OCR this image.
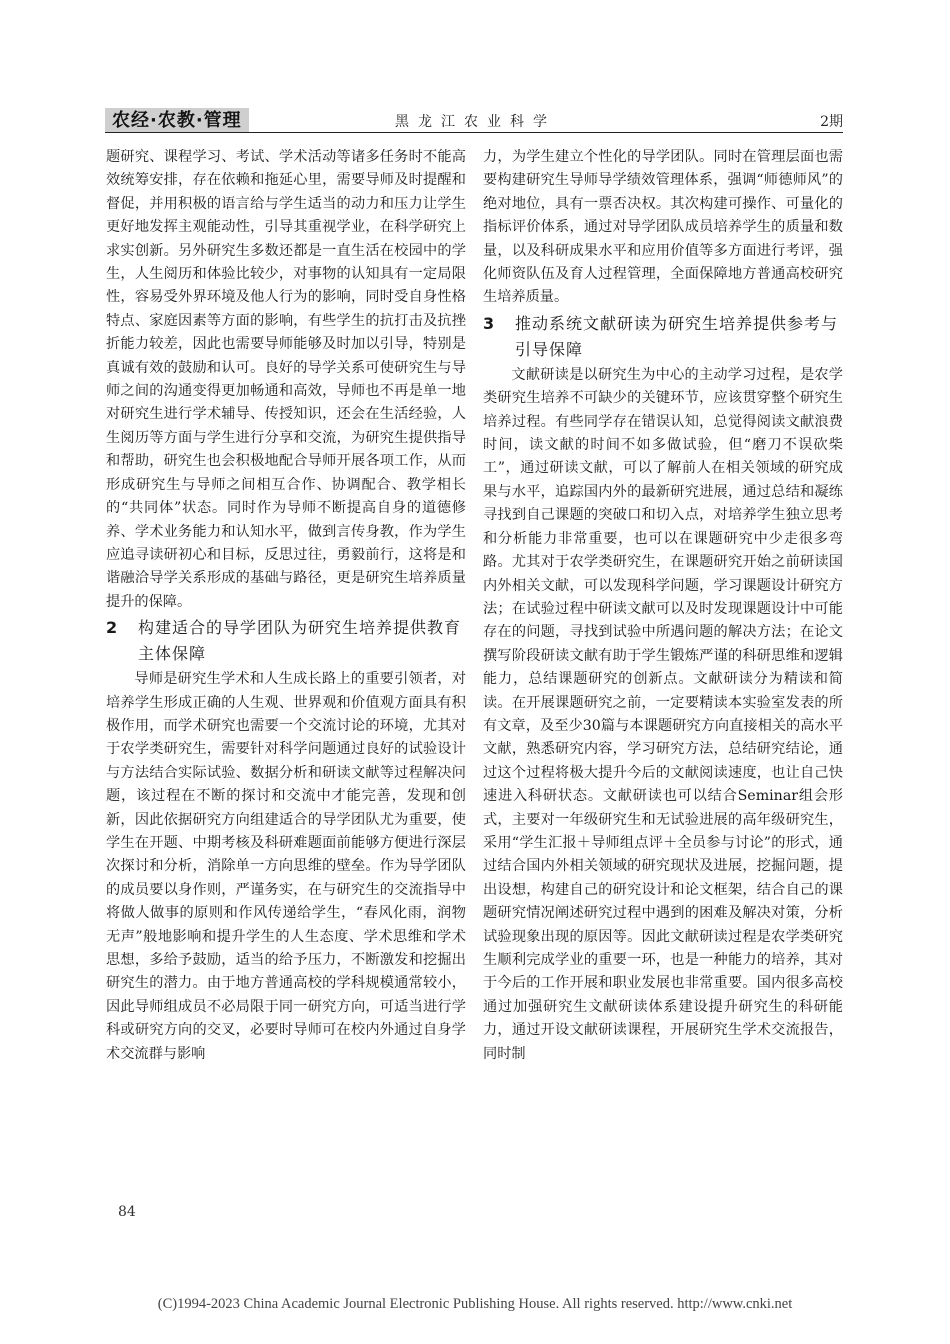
农经·农教·管理	黑龙江农业科学	2期

题研究、课程学习、考试、学术活动等诸多任务时不能高效统筹安排，存在依赖和拖延心里，需要导师及时提醒和督促，并用积极的语言给与学生适当的动力和压力让学生更好地发挥主观能动性，引导其重视学业，在科学研究上求实创新。另外研究生多数还都是一直生活在校园中的学生，人生阅历和体验比较少，对事物的认知具有一定局限性，容易受外界环境及他人行为的影响，同时受自身性格特点、家庭因素等方面的影响，有些学生的抗打击及抗挫折能力较差，因此也需要导师能够及时加以引导，特别是真诚有效的鼓励和认可。良好的导学关系可使研究生与导师之间的沟通变得更加畅通和高效，导师也不再是单一地对研究生进行学术辅导、传授知识，还会在生活经验，人生阅历等方面与学生进行分享和交流，为研究生提供指导和帮助，研究生也会积极地配合导师开展各项工作，从而形成研究生与导师之间相互合作、协调配合、教学相长的“共同体”状态。同时作为导师不断提高自身的道德修养、学术业务能力和认知水平，做到言传身教，作为学生应追寻读研初心和目标，反思过往，勇毅前行，这将是和谐融洽导学关系形成的基础与路径，更是研究生培养质量提升的保障。

2	构建适合的导学团队为研究生培养提供教育主体保障

导师是研究生学术和人生成长路上的重要引领者，对培养学生形成正确的人生观、世界观和价值观方面具有积极作用，而学术研究也需要一个交流讨论的环境，尤其对于农学类研究生，需要针对科学问题通过良好的试验设计与方法结合实际试验、数据分析和研读文献等过程解决问题，该过程在不断的探讨和交流中才能完善，发现和创新，因此依据研究方向组建适合的导学团队尤为重要，使学生在开题、中期考核及科研难题面前能够方便进行深层次探讨和分析，消除单一方向思维的壁垒。作为导学团队的成员要以身作则，严谨务实，在与研究生的交流指导中将做人做事的原则和作风传递给学生，“春风化雨，润物无声”般地影响和提升学生的人生态度、学术思维和学术思想，多给予鼓励，适当的给予压力，不断激发和挖掘出研究生的潜力。由于地方普通高校的学科规模通常较小，因此导师组成员不必局限于同一研究方向，可适当进行学科或研究方向的交叉，必要时导师可在校内外通过自身学术交流群与影响

力，为学生建立个性化的导学团队。同时在管理层面也需要构建研究生导师导学绩效管理体系，强调“师德师风”的绝对地位，具有一票否决权。其次构建可操作、可量化的指标评价体系，通过对导学团队成员培养学生的质量和数量，以及科研成果水平和应用价值等多方面进行考评，强化师资队伍及育人过程管理，全面保障地方普通高校研究生培养质量。

3	推动系统文献研读为研究生培养提供参考与引导保障

文献研读是以研究生为中心的主动学习过程，是农学类研究生培养不可缺少的关键环节，应该贯穿整个研究生培养过程。有些同学存在错误认知，总觉得阅读文献浪费时间，读文献的时间不如多做试验，但“磨刀不误砍柴工”，通过研读文献，可以了解前人在相关领域的研究成果与水平，追踪国内外的最新研究进展，通过总结和凝练寻找到自己课题的突破口和切入点，对培养学生独立思考和分析能力非常重要，也可以在课题研究中少走很多弯路。尤其对于农学类研究生，在课题研究开始之前研读国内外相关文献，可以发现科学问题，学习课题设计研究方法；在试验过程中研读文献可以及时发现课题设计中可能存在的问题，寻找到试验中所遇问题的解决方法；在论文撰写阶段研读文献有助于学生锻炼严谨的科研思维和逻辑能力，总结课题研究的创新点。文献研读分为精读和简读。在开展课题研究之前，一定要精读本实验室发表的所有文章，及至少30篇与本课题研究方向直接相关的高水平文献，熟悉研究内容，学习研究方法，总结研究结论，通过这个过程将极大提升今后的文献阅读速度，也让自己快速进入科研状态。文献研读也可以结合Seminar组会形式，主要对一年级研究生和无试验进展的高年级研究生，采用“学生汇报＋导师组点评＋全员参与讨论”的形式，通过结合国内外相关领域的研究现状及进展，挖掘问题，提出设想，构建自己的研究设计和论文框架，结合自己的课题研究情况阐述研究过程中遇到的困难及解决对策，分析试验现象出现的原因等。因此文献研读过程是农学类研究生顺利完成学业的重要一环，也是一种能力的培养，其对于今后的工作开展和职业发展也非常重要。国内很多高校通过加强研究生文献研读体系建设提升研究生的科研能力，通过开设文献研读课程，开展研究生学术交流报告，同时制

84
(C)1994-2023 China Academic Journal Electronic Publishing House. All rights reserved. http://www.cnki.net
